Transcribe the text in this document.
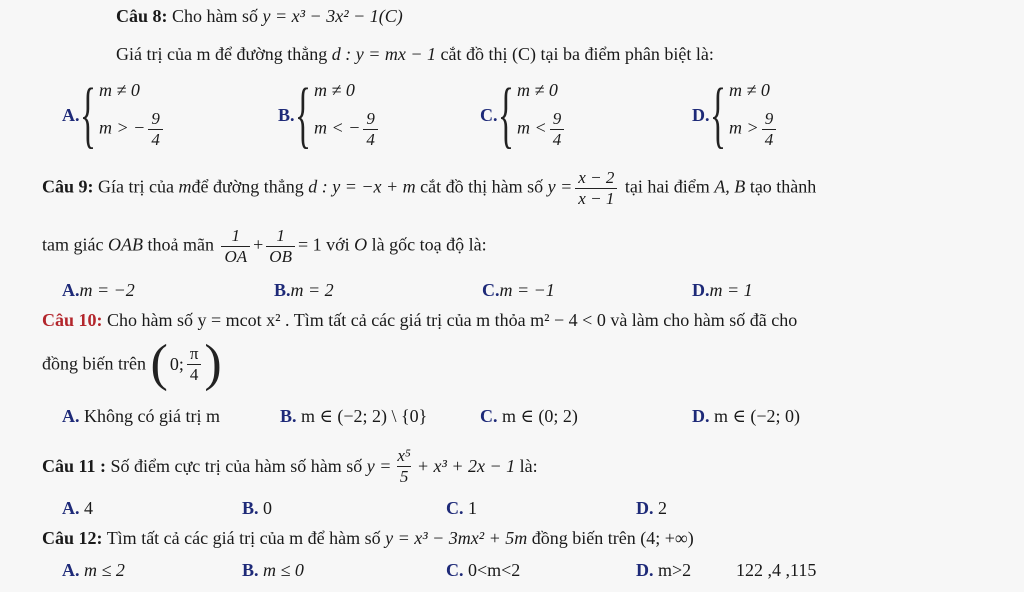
Câu 8: Cho hàm số y = x³ − 3x² − 1(C)
Giá trị của m để đường thẳng d : y = mx − 1 cắt đồ thị (C) tại ba điểm phân biệt là:
A. { m ≠ 0
m > − $\frac{9}{4}$	B. { m ≠ 0
m < − $\frac{9}{4}$	C. { m ≠ 0
$m < \frac{9}{4}$	D. { m ≠ 0
$m > \frac{9}{4}$
Câu 9: Gía trị của mđể đường thẳng d : y = −x + m cắt đồ thị hàm số $y = \frac{x - 2}{x - 1}$ tại hai điểm A, B tạo thành
tam giác OAB thoả mãn $\frac{1}{OA} + \frac{1}{OB} = 1$ với O là gốc toạ độ là:
A.m = −2	B.m = 2	C.m = −1	D.m = 1
Câu 10: Cho hàm số y = mcot x² . Tìm tất cả các giá trị của m thỏa m² − 4 < 0 và làm cho hàm số đã cho
đồng biến trên ( 0; $\frac{\pi}{4}$ )
A. Không có giá trị m	B. m ∈ (−2; 2) \ {0}	C. m ∈ (0; 2)	D. m ∈ (−2; 0)
Câu 11 : Số điểm cực trị của hàm số hàm số $y = \frac{\text{x⁵}}{5} + x^3 + 2x - 1$ là:
A. 4	B. 0	C. 1	D. 2
Câu 12: Tìm tất cả các giá trị của m để hàm số y = x³ − 3mx² + 5m đồng biến trên (4; +∞)
A. m ≤ 2	B. m ≤ 0	C. 0<m<2	D. m>2 122 ,4 ,115
